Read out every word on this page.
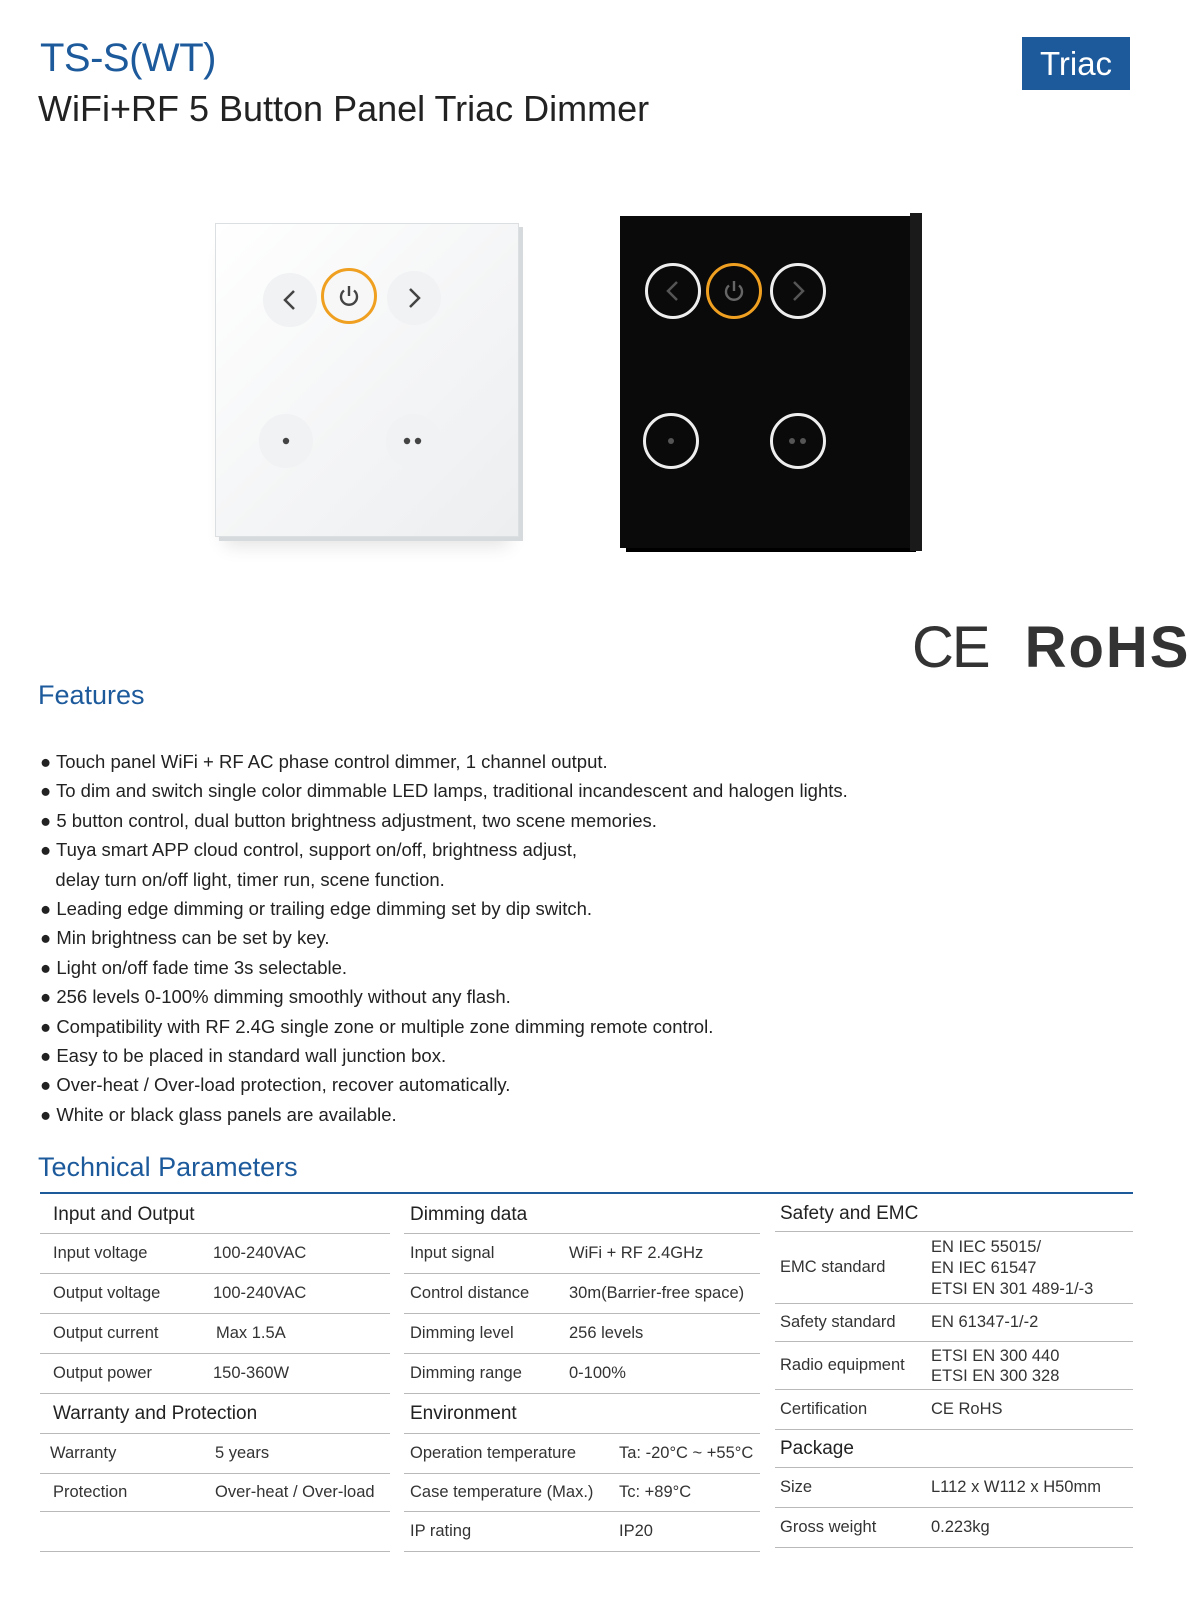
TS-S(WT)
WiFi+RF 5 Button Panel Triac Dimmer
Triac
CE RoHS
Features
● Touch panel WiFi + RF AC phase control dimmer, 1 channel output.
● To dim and switch single color dimmable LED lamps, traditional incandescent and halogen lights.
● 5 button control, dual button brightness adjustment, two scene memories.
● Tuya smart APP cloud control, support on/off, brightness adjust,
delay turn on/off light, timer run, scene function.
● Leading edge dimming or trailing edge dimming set by dip switch.
● Min brightness can be set by key.
● Light on/off fade time 3s selectable.
● 256 levels 0-100% dimming smoothly without any flash.
● Compatibility with RF 2.4G single zone or multiple zone dimming remote control.
● Easy to be placed in standard wall junction box.
● Over-heat / Over-load protection, recover automatically.
● White or black glass panels are available.
Technical Parameters
Input and Output
Input voltage	100-240VAC
Output voltage	100-240VAC
Output current	Max 1.5A
Output power	150-360W
Warranty and Protection
Warranty	5 years
Protection	Over-heat / Over-load
Dimming data
Input signal	WiFi + RF 2.4GHz
Control distance 30m(Barrier-free space)
Dimming level	256 levels
Dimming range	0-100%
Environment
Operation temperature	Ta: -20°C ~ +55°C
Case temperature (Max.) Tc: +89°C
IP rating	IP20
Safety and EMC
EMC standard
EN IEC 55015/
EN IEC 61547
ETSI EN 301 489-1/-3
Safety standard EN 61347-1/-2
Radio equipment ETSI EN 300 440
ETSI EN 300 328
Certification	CE RoHS
Package
Size	L112 x W112 x H50mm
Gross weight	0.223kg
